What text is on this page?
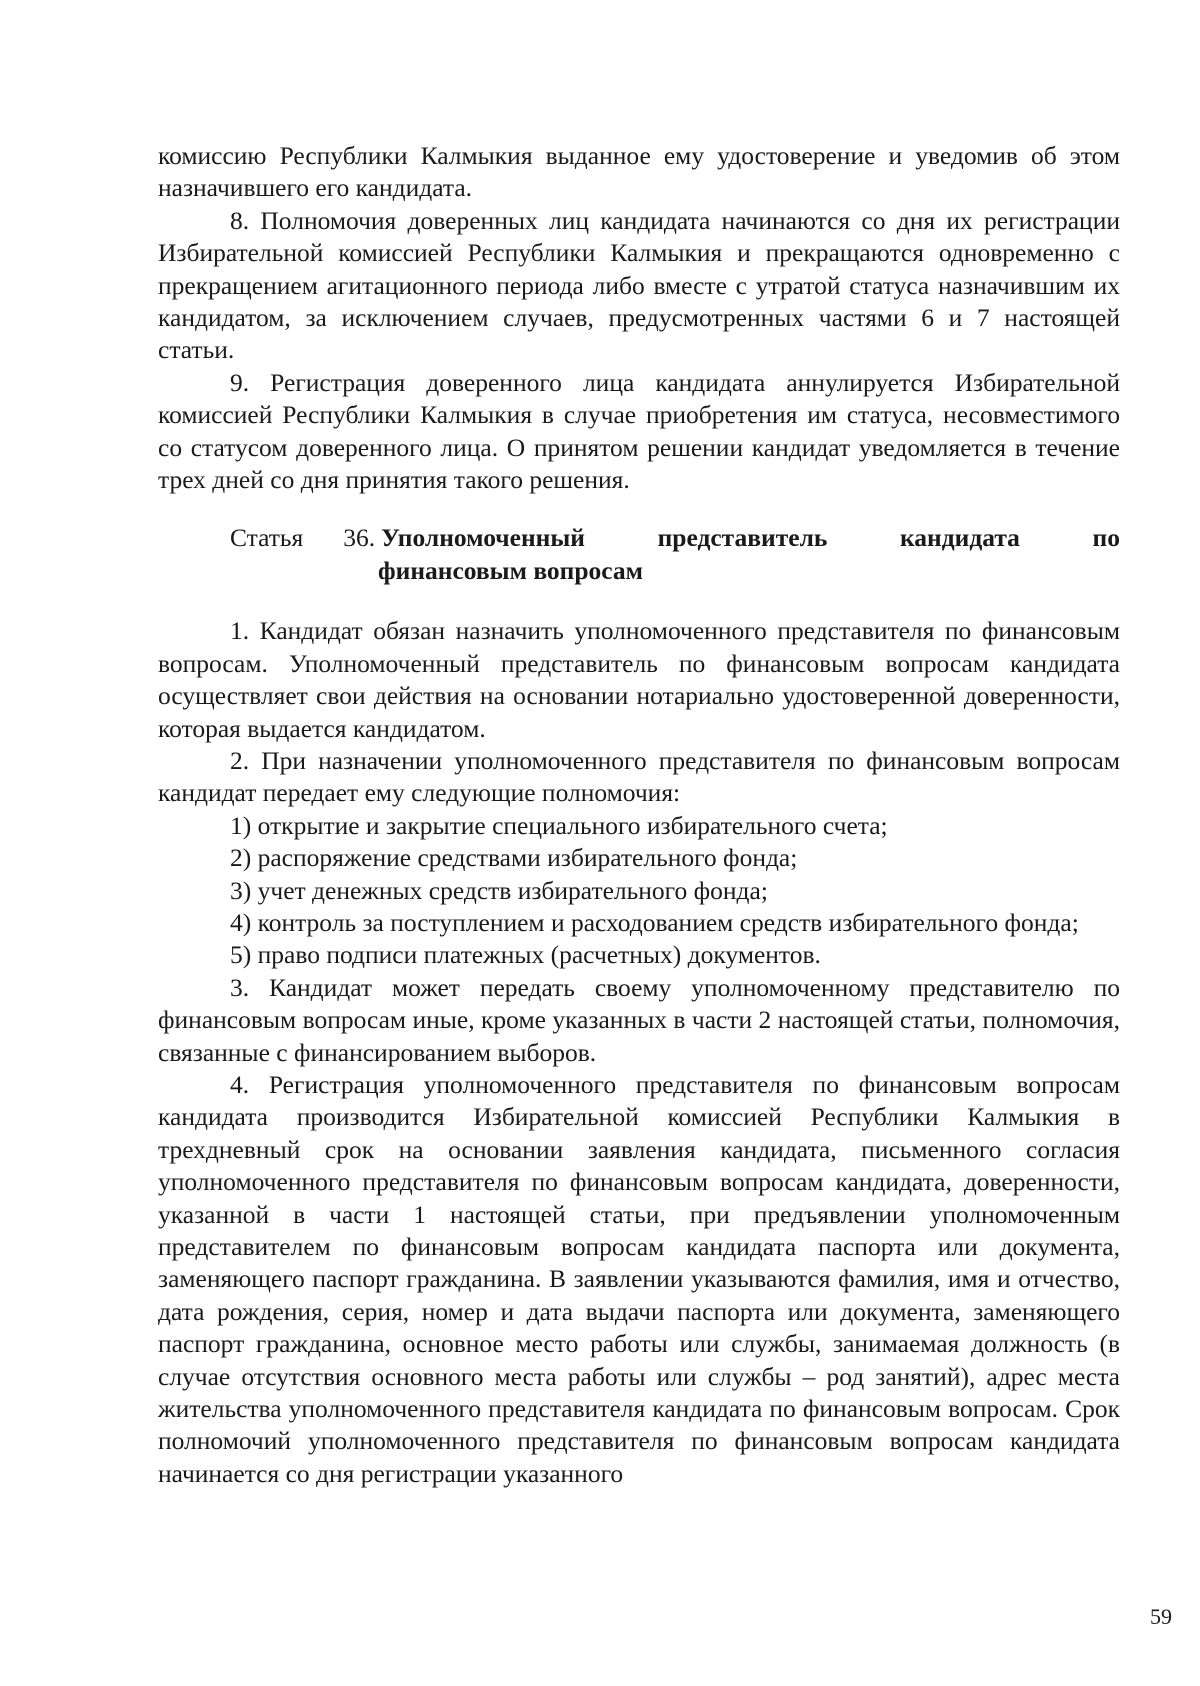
комиссию Республики Калмыкия выданное ему удостоверение и уведомив об этом назначившего его кандидата.

8. Полномочия доверенных лиц кандидата начинаются со дня их регистрации Избирательной комиссией Республики Калмыкия и прекращаются одновременно с прекращением агитационного периода либо вместе с утратой статуса назначившим их кандидатом, за исключением случаев, предусмотренных частями 6 и 7 настоящей статьи.

9. Регистрация доверенного лица кандидата аннулируется Избирательной комиссией Республики Калмыкия в случае приобретения им статуса, несовместимого со статусом доверенного лица. О принятом решении кандидат уведомляется в течение трех дней со дня принятия такого решения.

Статья 36. Уполномоченный	представитель	кандидата	по
финансовым вопросам

1. Кандидат обязан назначить уполномоченного представителя по финансовым вопросам. Уполномоченный представитель по финансовым вопросам кандидата осуществляет свои действия на основании нотариально удостоверенной доверенности, которая выдается кандидатом.

2. При назначении уполномоченного представителя по финансовым вопросам кандидат передает ему следующие полномочия:

1) открытие и закрытие специального избирательного счета;

2) распоряжение средствами избирательного фонда;

3) учет денежных средств избирательного фонда;

4) контроль за поступлением и расходованием средств избирательного фонда;

5) право подписи платежных (расчетных) документов.

3. Кандидат может передать своему уполномоченному представителю по финансовым вопросам иные, кроме указанных в части 2 настоящей статьи, полномочия, связанные с финансированием выборов.

4. Регистрация уполномоченного представителя по финансовым вопросам кандидата производится Избирательной комиссией Республики Калмыкия в трехдневный срок на основании заявления кандидата, письменного согласия уполномоченного представителя по финансовым вопросам кандидата, доверенности, указанной в части 1 настоящей статьи, при предъявлении уполномоченным представителем по финансовым вопросам кандидата паспорта или документа, заменяющего паспорт гражданина. В заявлении указываются фамилия, имя и отчество, дата рождения, серия, номер и дата выдачи паспорта или документа, заменяющего паспорт гражданина, основное место работы или службы, занимаемая должность (в случае отсутствия основного места работы или службы – род занятий), адрес места жительства уполномоченного представителя кандидата по финансовым вопросам. Срок полномочий уполномоченного представителя по финансовым вопросам кандидата начинается со дня регистрации указанного

59
